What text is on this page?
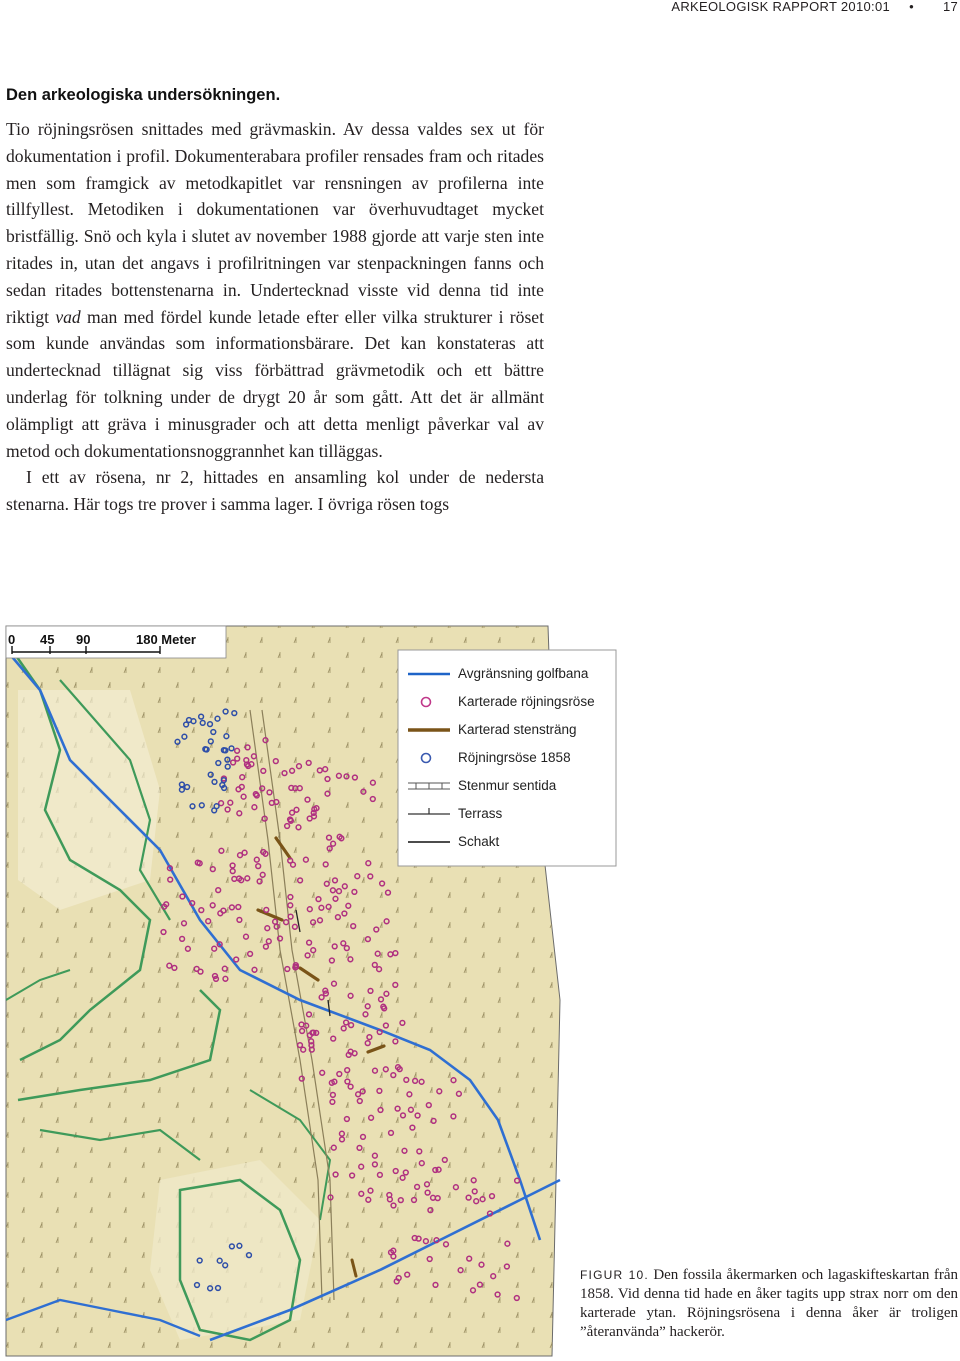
ARKEOLOGISK RAPPORT 2010:01 • 17
Den arkeologiska undersökningen.

Tio röjningsrösen snittades med grävmaskin. Av dessa valdes sex ut för dokumentation i profil. Dokumenterabara profiler rensades fram och ritades men som framgick av metodkapitlet var rensningen av profilerna inte tillfyllest. Metodiken i dokumentationen var överhuvudtaget mycket bristfällig. Snö och kyla i slutet av november 1988 gjorde att varje sten inte ritades in, utan det angavs i profilritningen var stenpackningen fanns och sedan ritades bottenstenarna in. Undertecknad visste vid denna tid inte riktigt vad man med fördel kunde letade efter eller vilka strukturer i röset som kunde användas som informationsbärare. Det kan konstateras att undertecknad tillägnat sig viss förbättrad grävmetodik och ett bättre underlag för tolkning under de drygt 20 år som gått. Att det är allmänt olämpligt att gräva i minusgrader och att detta menligt påverkar val av metod och dokumentationsnoggrannhet kan tilläggas.

I ett av rösena, nr 2, hittades en ansamling kol under de nedersta stenarna. Här togs tre prover i samma lager. I övriga rösen togs

0 45 90	180 Meter
Avgränsning golfbana
Karterade röjningsröse
Karterad stensträng
Röjningrsöse 1858
Stenmur sentida
Terrass
Schakt
FIGUR 10. Den fossila åkermarken och lagaskifteskartan från 1858. Vid denna tid hade en åker tagits upp strax norr om den karterade ytan. Röjningsrösena i denna åker är troligen ”återanvända” hackerör.
